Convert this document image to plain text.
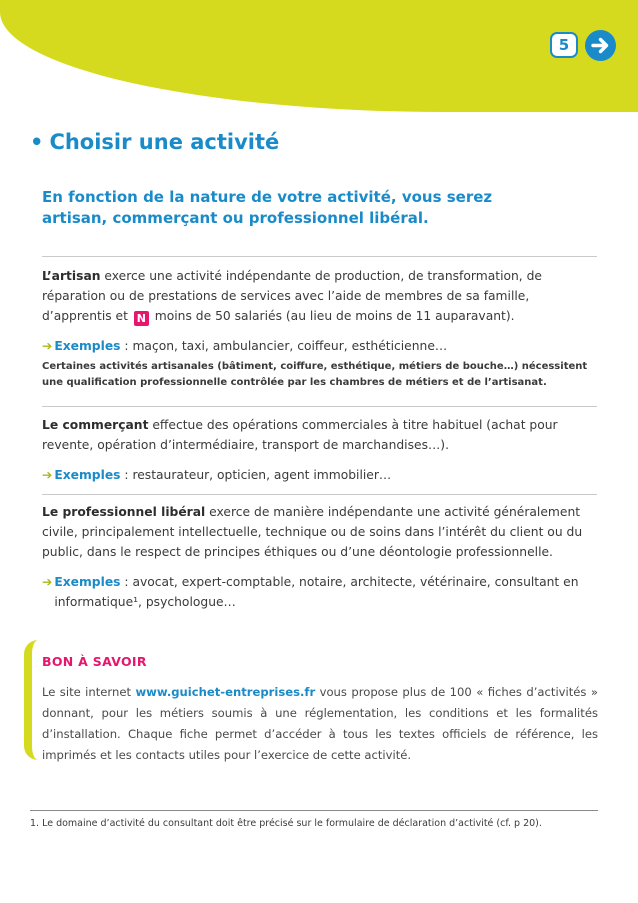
5
• Choisir une activité

En fonction de la nature de votre activité, vous serez artisan, commerçant ou professionnel libéral.

L’artisan exerce une activité indépendante de production, de transformation, de réparation ou de prestations de services avec l’aide de membres de sa famille, d’apprentis et N moins de 50 salariés (au lieu de moins de 11 auparavant).

➔ Exemples : maçon, taxi, ambulancier, coiffeur, esthéticienne…

Certaines activités artisanales (bâtiment, coiffure, esthétique, métiers de bouche…) nécessitent une qualification professionnelle contrôlée par les chambres de métiers et de l’artisanat.

Le commerçant effectue des opérations commerciales à titre habituel (achat pour revente, opération d’intermédiaire, transport de marchandises…).

➔ Exemples : restaurateur, opticien, agent immobilier…

Le professionnel libéral exerce de manière indépendante une activité généralement civile, principalement intellectuelle, technique ou de soins dans l’intérêt du client ou du public, dans le respect de principes éthiques ou d’une déontologie professionnelle.

➔ Exemples : avocat, expert-comptable, notaire, architecte, vétérinaire, consultant en informatique¹, psychologue…

BON À SAVOIR

Le site internet www.guichet-entreprises.fr vous propose plus de 100 « fiches d’activités » donnant, pour les métiers soumis à une réglementation, les conditions et les formalités d’installation. Chaque fiche permet d’accéder à tous les textes officiels de référence, les imprimés et les contacts utiles pour l’exercice de cette activité.

1. Le domaine d’activité du consultant doit être précisé sur le formulaire de déclaration d’activité (cf. p 20).
